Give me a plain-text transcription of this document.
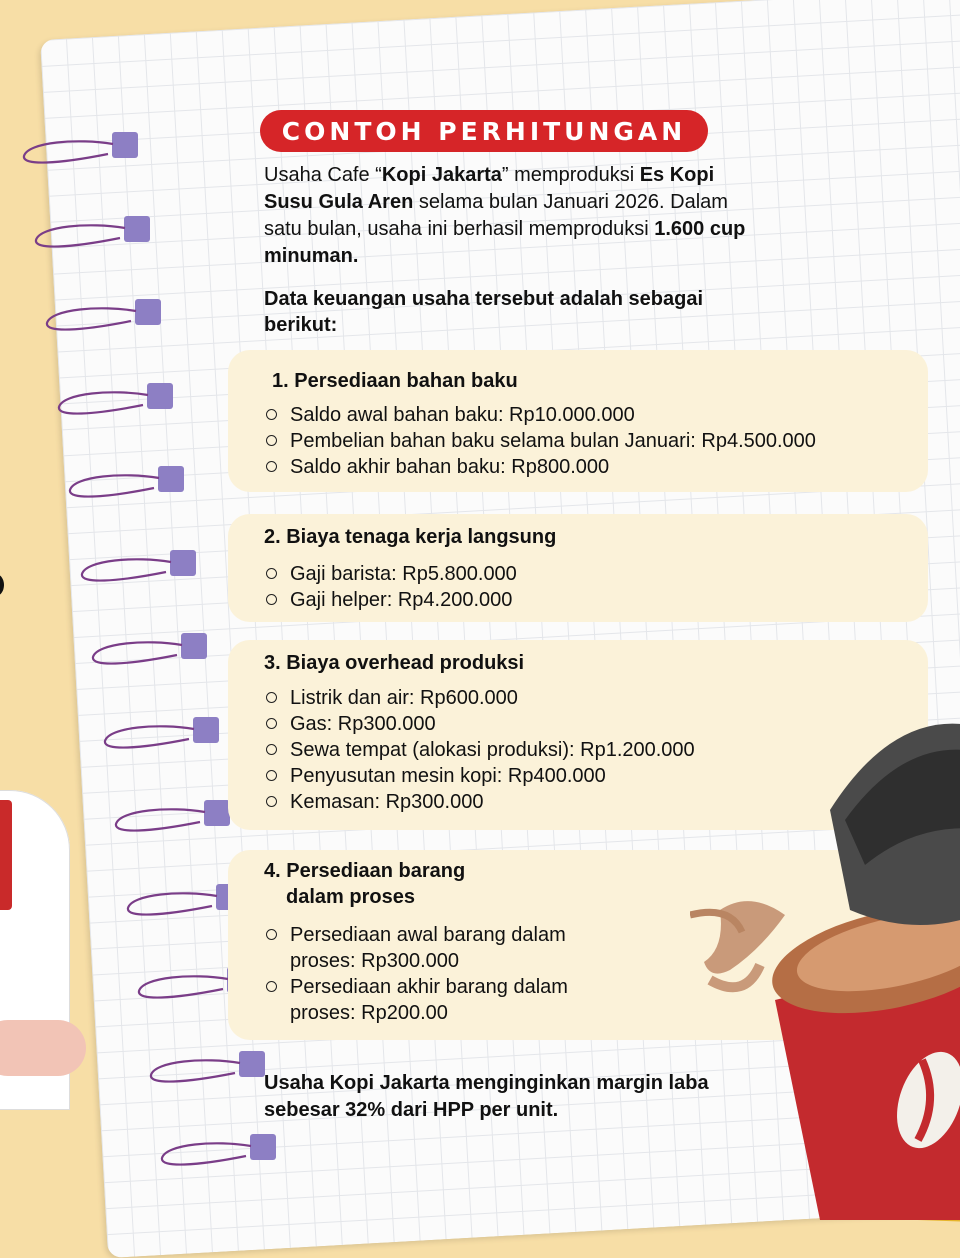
CONTOH PERHITUNGAN
Usaha Cafe “Kopi Jakarta” memproduksi Es Kopi Susu Gula Aren selama bulan Januari 2026. Dalam satu bulan, usaha ini berhasil memproduksi 1.600 cup minuman.
Data keuangan usaha tersebut adalah sebagai berikut:
1. Persediaan bahan baku
Saldo awal bahan baku: Rp10.000.000
Pembelian bahan baku selama bulan Januari: Rp4.500.000
Saldo akhir bahan baku: Rp800.000
2. Biaya tenaga kerja langsung
Gaji barista: Rp5.800.000
Gaji helper: Rp4.200.000
3. Biaya overhead produksi
Listrik dan air: Rp600.000
Gas: Rp300.000
Sewa tempat (alokasi produksi): Rp1.200.000
Penyusutan mesin kopi: Rp400.000
Kemasan: Rp300.000
4. Persediaan barang
dalam proses
Persediaan awal barang dalam
proses: Rp300.000
Persediaan akhir barang dalam
proses: Rp200.00
Usaha Kopi Jakarta menginginkan margin laba sebesar 32% dari HPP per unit.
